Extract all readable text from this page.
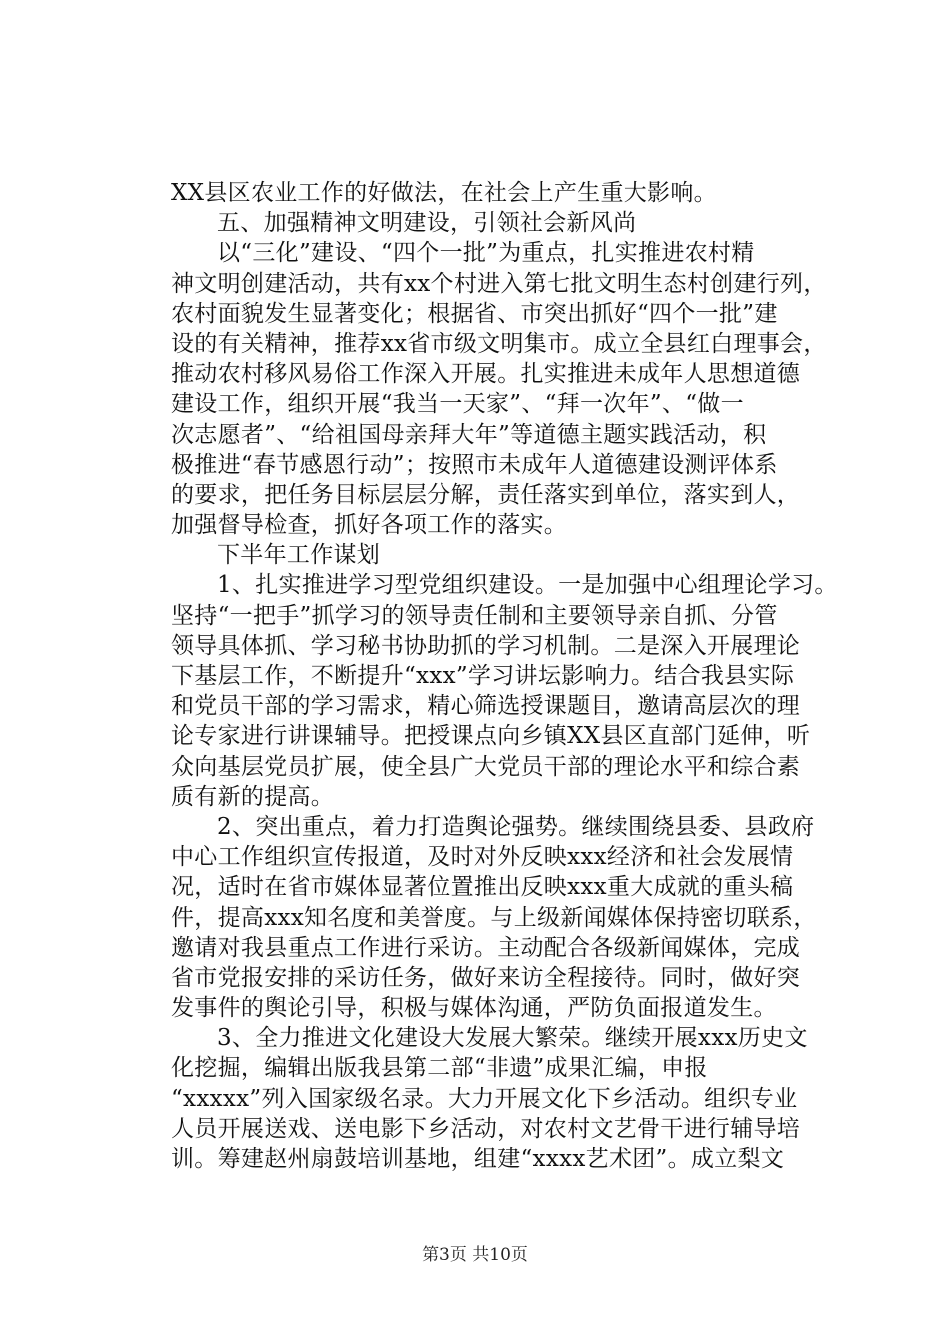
XX县区农业工作的好做法，在社会上产生重大影响。
五、加强精神文明建设，引领社会新风尚
以“三化”建设、“四个一批”为重点，扎实推进农村精
神文明创建活动，共有xx个村进入第七批文明生态村创建行列，
农村面貌发生显著变化；根据省、市突出抓好“四个一批”建
设的有关精神，推荐xx省市级文明集市。成立全县红白理事会，
推动农村移风易俗工作深入开展。扎实推进未成年人思想道德
建设工作，组织开展“我当一天家”、“拜一次年”、“做一
次志愿者”、“给祖国母亲拜大年”等道德主题实践活动，积
极推进“春节感恩行动”；按照市未成年人道德建设测评体系
的要求，把任务目标层层分解，责任落实到单位，落实到人，
加强督导检查，抓好各项工作的落实。
下半年工作谋划
1、扎实推进学习型党组织建设。一是加强中心组理论学习。
坚持“一把手”抓学习的领导责任制和主要领导亲自抓、分管
领导具体抓、学习秘书协助抓的学习机制。二是深入开展理论
下基层工作，不断提升“xxx”学习讲坛影响力。结合我县实际
和党员干部的学习需求，精心筛选授课题目，邀请高层次的理
论专家进行讲课辅导。把授课点向乡镇XX县区直部门延伸，听
众向基层党员扩展，使全县广大党员干部的理论水平和综合素
质有新的提高。
2、突出重点，着力打造舆论强势。继续围绕县委、县政府
中心工作组织宣传报道，及时对外反映xxx经济和社会发展情
况，适时在省市媒体显著位置推出反映xxx重大成就的重头稿
件，提高xxx知名度和美誉度。与上级新闻媒体保持密切联系，
邀请对我县重点工作进行采访。主动配合各级新闻媒体，完成
省市党报安排的采访任务，做好来访全程接待。同时，做好突
发事件的舆论引导，积极与媒体沟通，严防负面报道发生。
3、全力推进文化建设大发展大繁荣。继续开展xxx历史文
化挖掘，编辑出版我县第二部“非遗”成果汇编，申报
“xxxxx”列入国家级名录。大力开展文化下乡活动。组织专业
人员开展送戏、送电影下乡活动，对农村文艺骨干进行辅导培
训。筹建赵州扇鼓培训基地，组建“xxxx艺术团”。成立梨文
第3页 共10页
